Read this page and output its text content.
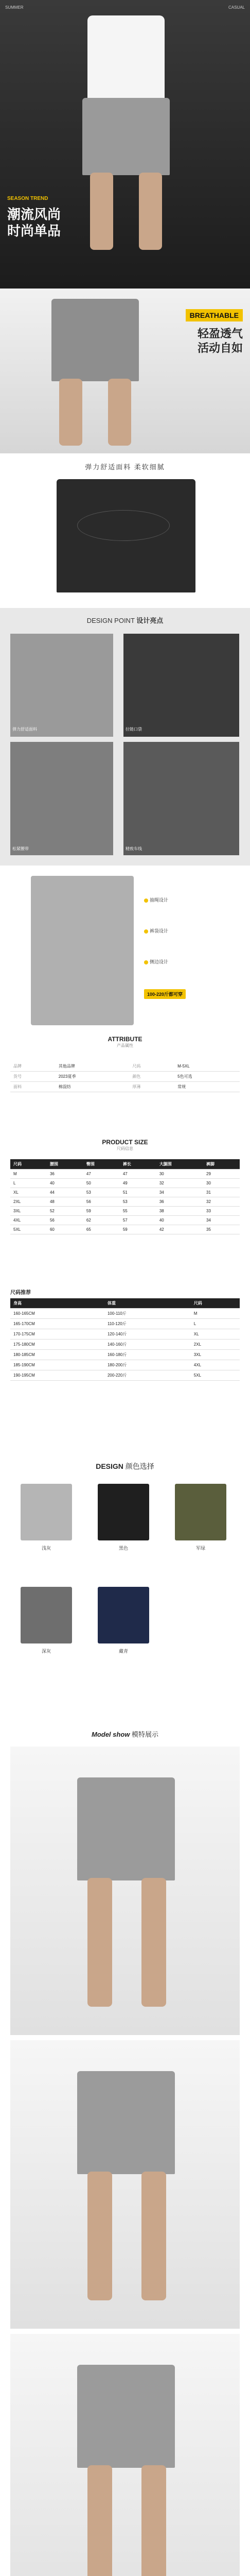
SUMMER	CASUAL
SEASON TREND
潮流风尚
时尚单品
BREATHABLE
轻盈透气
活动自如
弹力舒适面料 柔软细腻
DESIGN POINT 设计亮点
弹力舒适面料	拉链口袋
松紧腰带	精致车线
抽绳设计
裤袋设计
侧边设计
100-220斤都可穿
ATTRIBUTE
产品属性
品牌	其他品牌	尺码	M-5XL
货号	2023夏季	颜色	5色可选
面料	棉混纺	厚薄	常规
PRODUCT SIZE
尺码信息
尺码	腰围	臀围	裤长	大腿围	裤脚
M	36	47	47	30	29
L	40	50	49	32	30
XL	44	53	51	34	31
2XL	48	56	53	36	32
3XL	52	59	55	38	33
4XL	56	62	57	40	34
5XL	60	65	59	42	35
尺码推荐
身高	体重	尺码
160-165CM	100-110斤	M
165-170CM	110-120斤	L
170-175CM	120-140斤	XL
175-180CM	140-160斤	2XL
180-185CM	160-180斤	3XL
185-190CM	180-200斤	4XL
190-195CM	200-220斤	5XL
DESIGN 颜色选择
浅灰	黑色	军绿
深灰	藏青
Model show 模特展示
